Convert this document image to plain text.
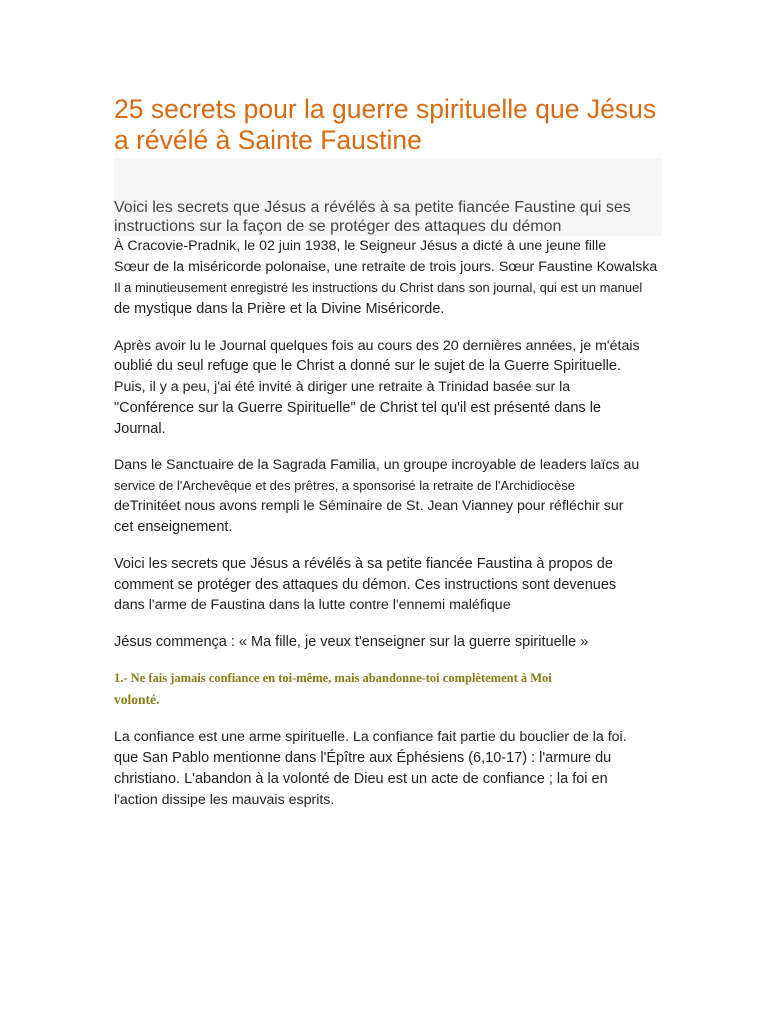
25 secrets pour la guerre spirituelle que Jésus a révélé à Sainte Faustine

Voici les secrets que Jésus a révélés à sa petite fiancée Faustine qui ses instructions sur la façon de se protéger des attaques du démon

À Cracovie-Pradnik, le 02 juin 1938, le Seigneur Jésus a dicté à une jeune fille

Sœur de la miséricorde polonaise, une retraite de trois jours. Sœur Faustine Kowalska

Il a minutieusement enregistré les instructions du Christ dans son journal, qui est un manuel

de mystique dans la Prière et la Divine Miséricorde.

Après avoir lu le Journal quelques fois au cours des 20 dernières années, je m'étais

oublié du seul refuge que le Christ a donné sur le sujet de la Guerre Spirituelle.

Puis, il y a peu, j'ai été invité à diriger une retraite à Trinidad basée sur la

"Conférence sur la Guerre Spirituelle" de Christ tel qu'il est présenté dans le

Journal.

Dans le Sanctuaire de la Sagrada Familia, un groupe incroyable de leaders laïcs au

service de l'Archevêque et des prêtres, a sponsorisé la retraite de l'Archidiocèse

deTrinitéet nous avons rempli le Séminaire de St. Jean Vianney pour réfléchir sur

cet enseignement.

Voici les secrets que Jésus a révélés à sa petite fiancée Faustina à propos de

comment se protéger des attaques du démon. Ces instructions sont devenues

dans l'arme de Faustina dans la lutte contre l'ennemi maléfique

Jésus commença : « Ma fille, je veux t'enseigner sur la guerre spirituelle »

1.- Ne fais jamais confiance en toi-même, mais abandonne-toi complètement à Moi

volonté.

La confiance est une arme spirituelle. La confiance fait partie du bouclier de la foi.

que San Pablo mentionne dans l'Épître aux Éphésiens (6,10-17) : l'armure du

christiano. L'abandon à la volonté de Dieu est un acte de confiance ; la foi en

l'action dissipe les mauvais esprits.
